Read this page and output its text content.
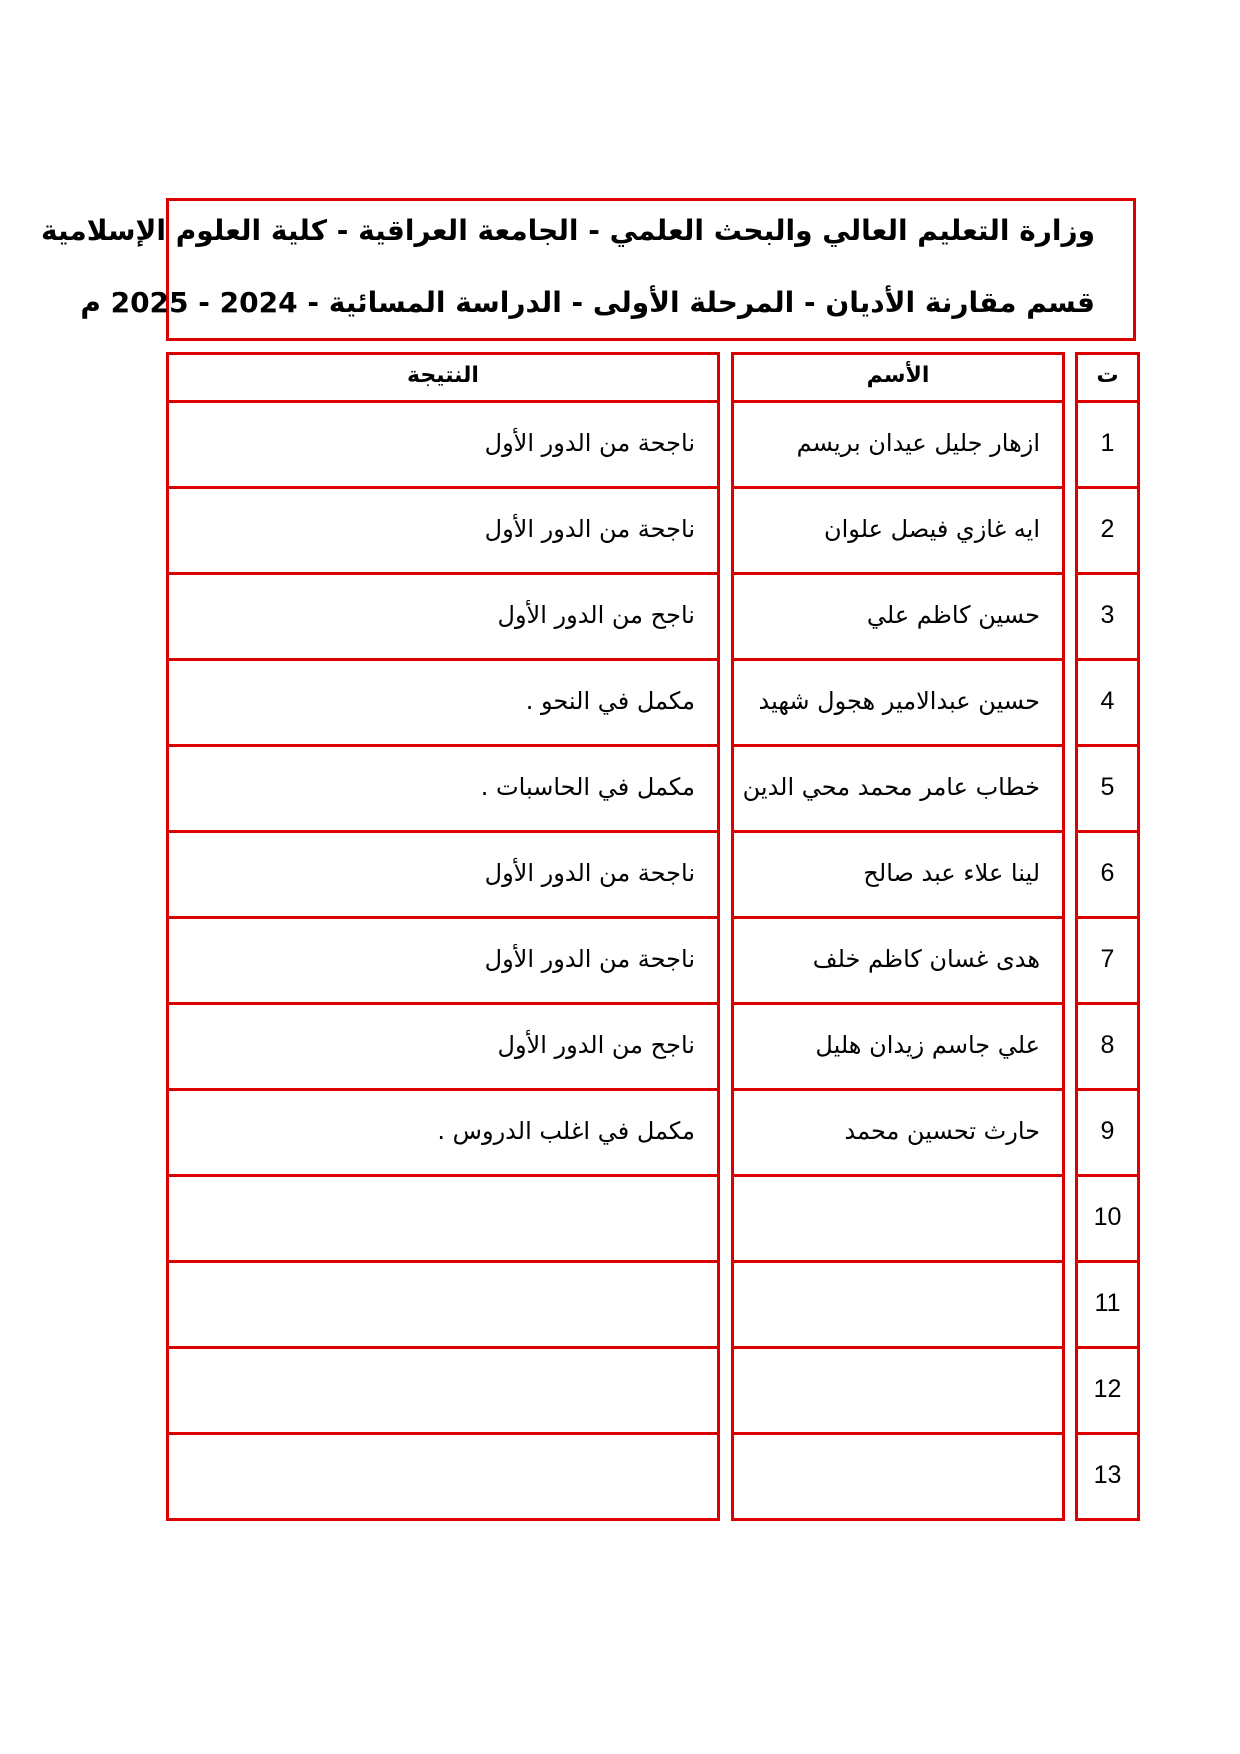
وزارة التعليم العالي والبحث العلمي - الجامعة العراقية - كلية العلوم الإسلامية
قسم مقارنة الأديان - المرحلة الأولى - الدراسة المسائية - 2024 - 2025 م
ت
1
2
3
4
5
6
7
8
9
10
11
12
13
الأسم
ازهار جليل عيدان بريسم
ايه غازي فيصل علوان
حسين كاظم علي
حسين عبدالامير هجول شهيد
خطاب عامر محمد محي الدين
لينا علاء عبد صالح
هدى غسان كاظم خلف
علي جاسم زيدان هليل
حارث تحسين محمد
النتيجة
ناجحة من الدور الأول
ناجحة من الدور الأول
ناجح من الدور الأول
مكمل في النحو .
مكمل في الحاسبات .
ناجحة من الدور الأول
ناجحة من الدور الأول
ناجح من الدور الأول
مكمل في اغلب الدروس .
